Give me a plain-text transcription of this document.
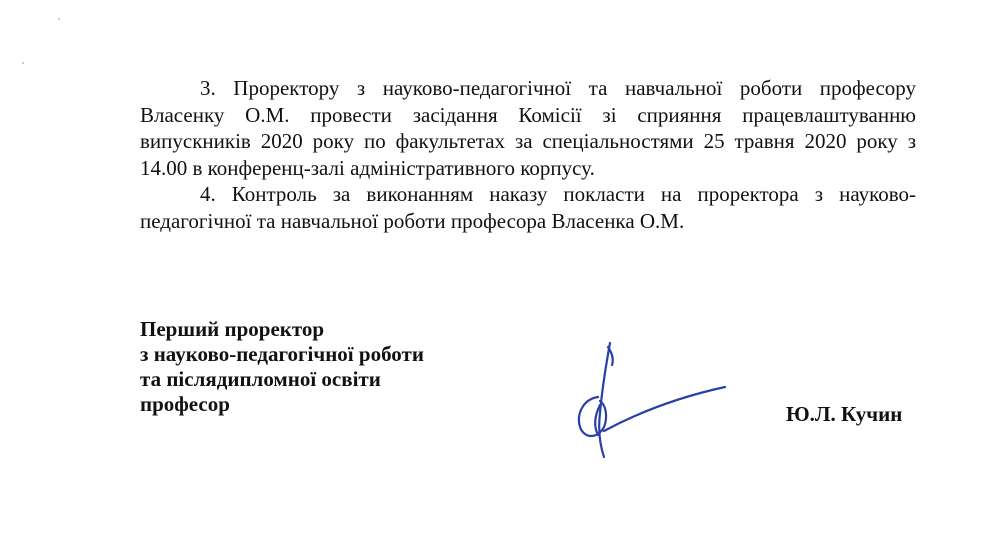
3. Проректору з науково-педагогічної та навчальної роботи професору Власенку О.М. провести засідання Комісії зі сприяння працевлаштуванню випускників 2020 року по факультетах за спеціальностями 25 травня 2020 року з 14.00 в конференц-залі адміністративного корпусу.

4. Контроль за виконанням наказу покласти на проректора з науково-педагогічної та навчальної роботи професора Власенка О.М.

Перший проректор
з науково-педагогічної роботи
та післядипломної освіти
професор	Ю.Л. Кучин
